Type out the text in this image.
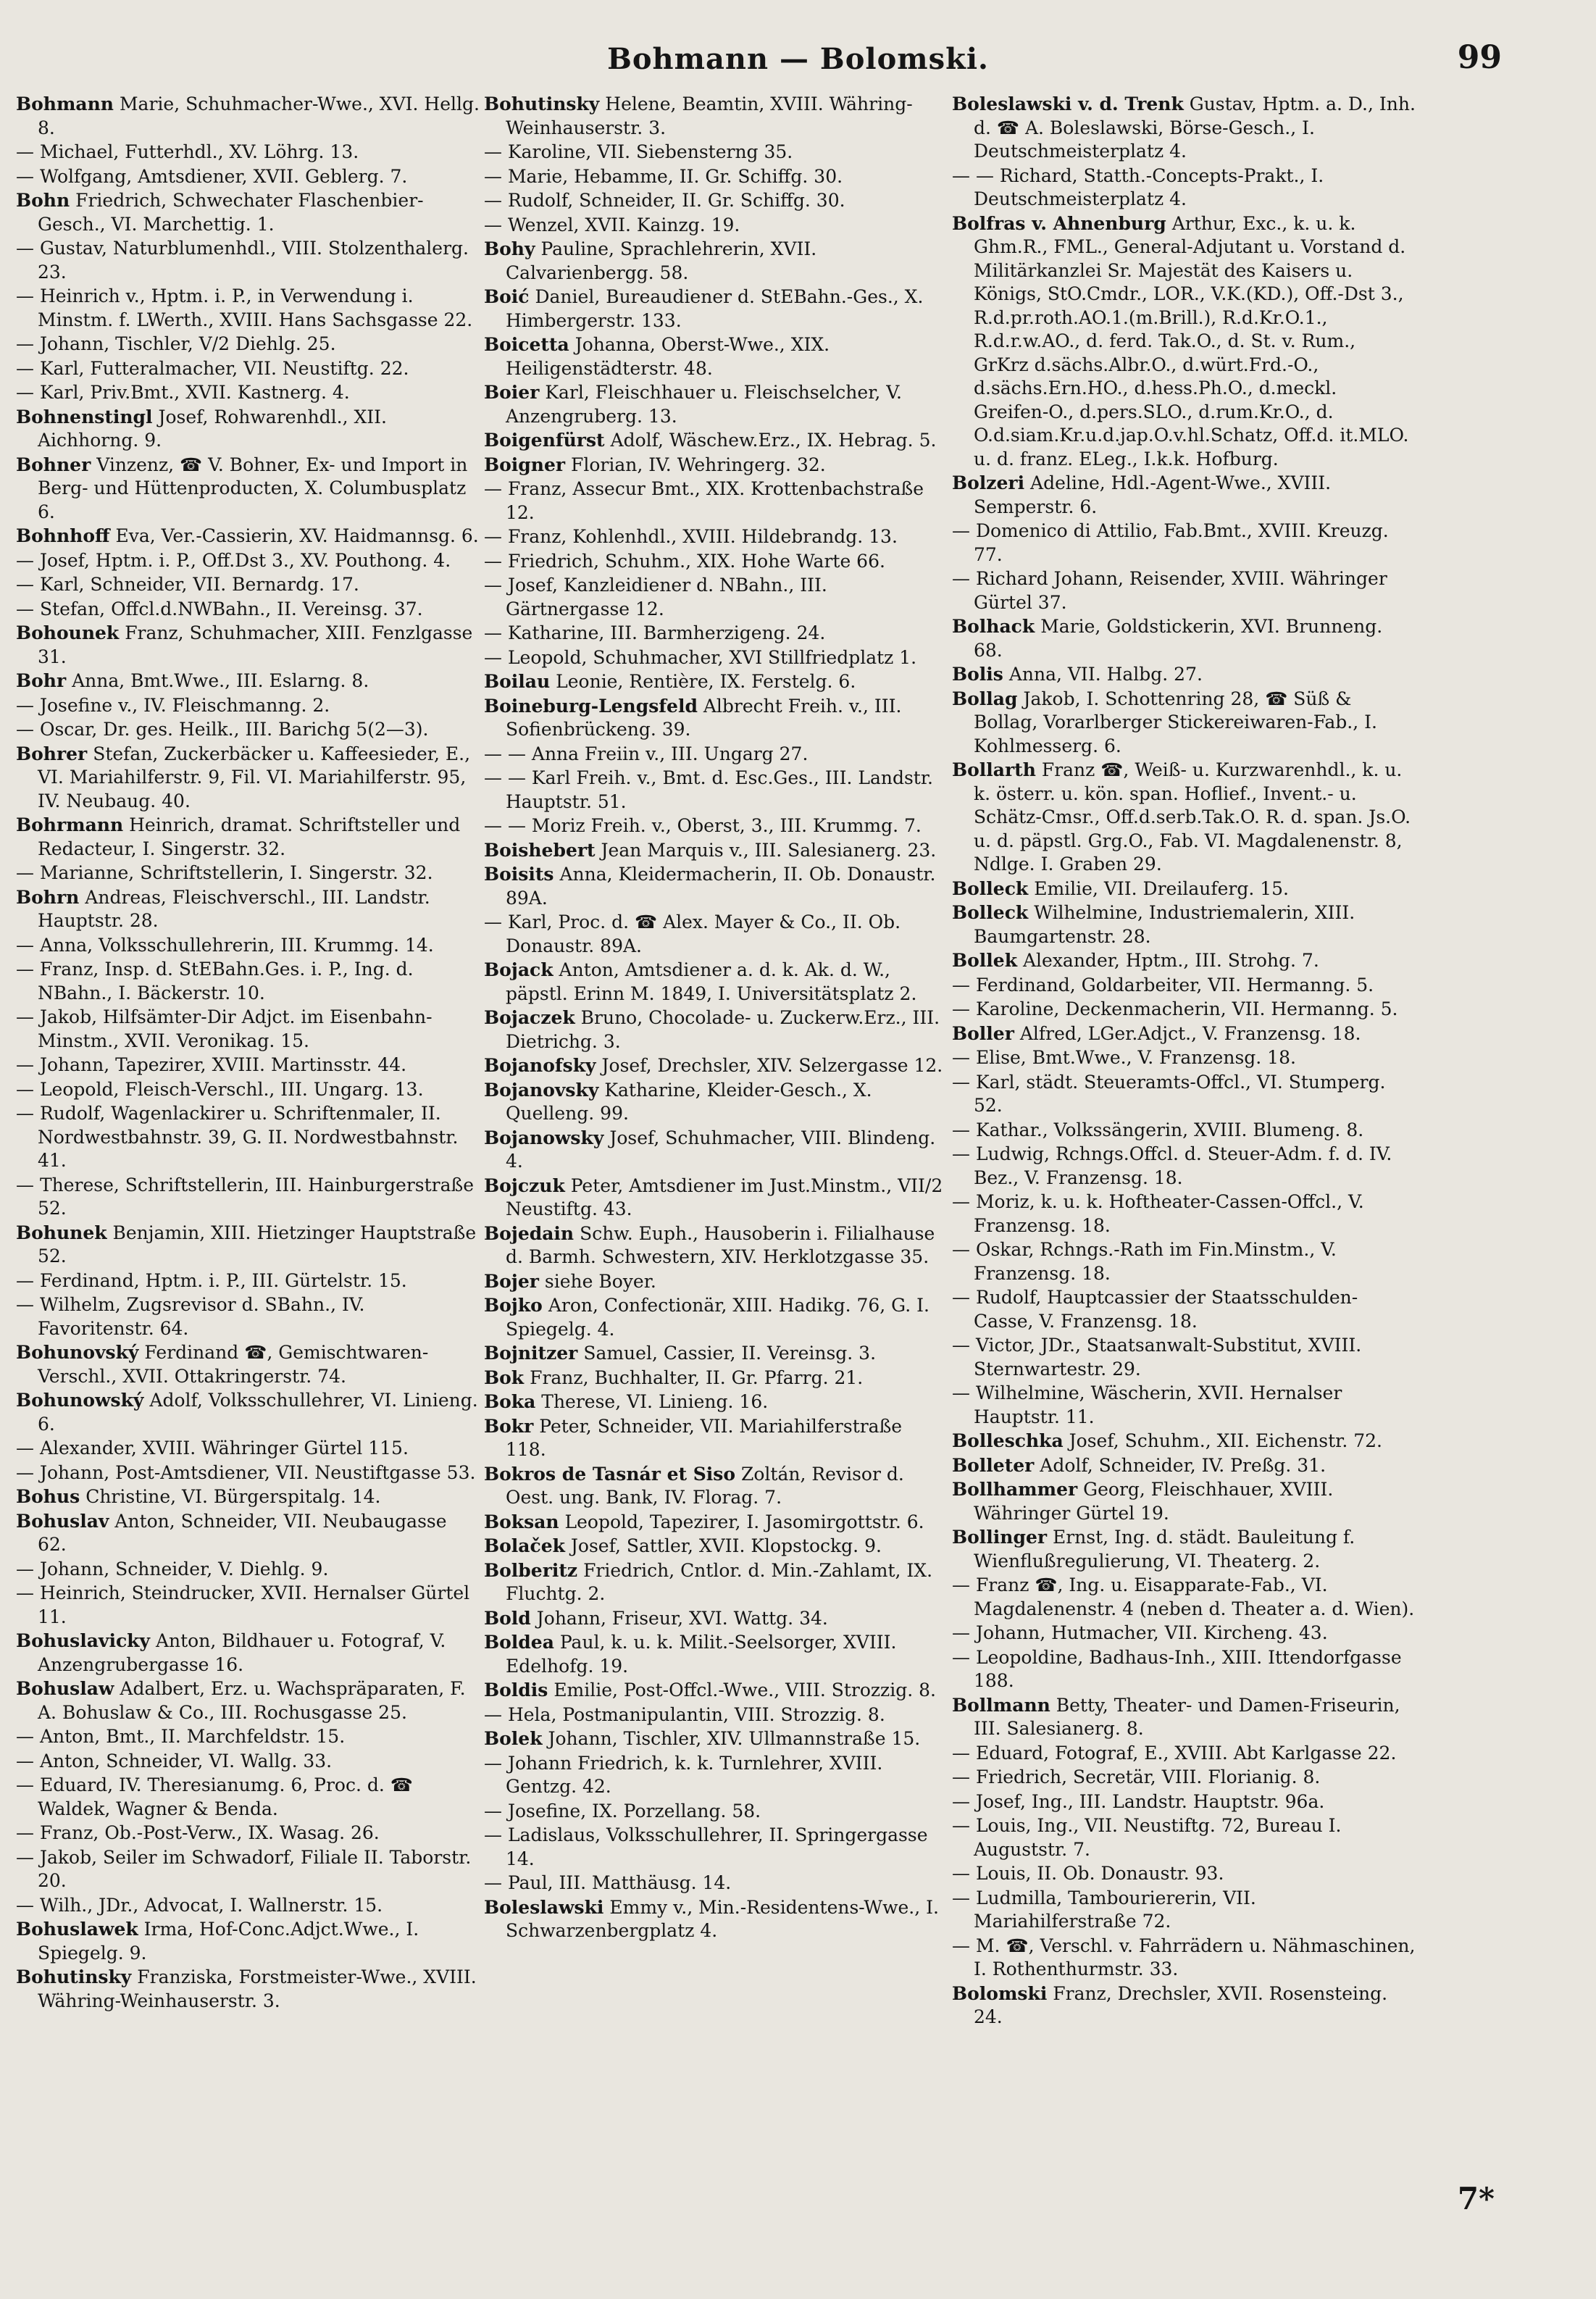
Bohmann — Bolomski.	99
Bohmann Marie, Schuhmacher-Wwe., XVI. Hellg. 8.
— Michael, Futterhdl., XV. Löhrg. 13.
— Wolfgang, Amtsdiener, XVII. Geblerg. 7.
Bohn Friedrich, Schwechater Flaschenbier-Gesch., VI. Marchettig. 1.
— Gustav, Naturblumenhdl., VIII. Stolzenthalerg. 23.
— Heinrich v., Hptm. i. P., in Verwendung i. Minstm. f. LWerth., XVIII. Hans Sachsgasse 22.
— Johann, Tischler, V/2 Diehlg. 25.
— Karl, Futteralmacher, VII. Neustiftg. 22.
— Karl, Priv.Bmt., XVII. Kastnerg. 4.
Bohnenstingl Josef, Rohwarenhdl., XII. Aichhorng. 9.
Bohner Vinzenz, ☎ V. Bohner, Ex- und Import in Berg- und Hüttenproducten, X. Columbusplatz 6.
Bohnhoff Eva, Ver.-Cassierin, XV. Haidmannsg. 6.
— Josef, Hptm. i. P., Off.Dst 3., XV. Pouthong. 4.
— Karl, Schneider, VII. Bernardg. 17.
— Stefan, Offcl.d.NWBahn., II. Vereinsg. 37.
Bohounek Franz, Schuhmacher, XIII. Fenzlgasse 31.
Bohr Anna, Bmt.Wwe., III. Eslarng. 8.
— Josefine v., IV. Fleischmanng. 2.
— Oscar, Dr. ges. Heilk., III. Barichg 5(2—3).
Bohrer Stefan, Zuckerbäcker u. Kaffeesieder, E., VI. Mariahilferstr. 9, Fil. VI. Mariahilferstr. 95, IV. Neubaug. 40.
Bohrmann Heinrich, dramat. Schriftsteller und Redacteur, I. Singerstr. 32.
— Marianne, Schriftstellerin, I. Singerstr. 32.
Bohrn Andreas, Fleischverschl., III. Landstr. Hauptstr. 28.
— Anna, Volksschullehrerin, III. Krummg. 14.
— Franz, Insp. d. StEBahn.Ges. i. P., Ing. d. NBahn., I. Bäckerstr. 10.
— Jakob, Hilfsämter-Dir Adjct. im Eisenbahn-Minstm., XVII. Veronikag. 15.
— Johann, Tapezirer, XVIII. Martinsstr. 44.
— Leopold, Fleisch-Verschl., III. Ungarg. 13.
— Rudolf, Wagenlackirer u. Schriftenmaler, II. Nordwestbahnstr. 39, G. II. Nordwestbahnstr. 41.
— Therese, Schriftstellerin, III. Hainburgerstraße 52.
Bohunek Benjamin, XIII. Hietzinger Hauptstraße 52.
— Ferdinand, Hptm. i. P., III. Gürtelstr. 15.
— Wilhelm, Zugsrevisor d. SBahn., IV. Favoritenstr. 64.
Bohunovský Ferdinand ☎, Gemischtwaren-Verschl., XVII. Ottakringerstr. 74.
Bohunowský Adolf, Volksschullehrer, VI. Linieng. 6.
— Alexander, XVIII. Währinger Gürtel 115.
— Johann, Post-Amtsdiener, VII. Neustiftgasse 53.
Bohus Christine, VI. Bürgerspitalg. 14.
Bohuslav Anton, Schneider, VII. Neubaugasse 62.
— Johann, Schneider, V. Diehlg. 9.
— Heinrich, Steindrucker, XVII. Hernalser Gürtel 11.
Bohuslavicky Anton, Bildhauer u. Fotograf, V. Anzengrubergasse 16.
Bohuslaw Adalbert, Erz. u. Wachspräparaten, F. A. Bohuslaw & Co., III. Rochusgasse 25.
— Anton, Bmt., II. Marchfeldstr. 15.
— Anton, Schneider, VI. Wallg. 33.
— Eduard, IV. Theresianumg. 6, Proc. d. ☎ Waldek, Wagner & Benda.
— Franz, Ob.-Post-Verw., IX. Wasag. 26.
— Jakob, Seiler im Schwadorf, Filiale II. Taborstr. 20.
— Wilh., JDr., Advocat, I. Wallnerstr. 15.
Bohuslawek Irma, Hof-Conc.Adjct.Wwe., I. Spiegelg. 9.
Bohutinsky Franziska, Forstmeister-Wwe., XVIII. Währing-Weinhauserstr. 3.
Bohutinsky Helene, Beamtin, XVIII. Währing-Weinhauserstr. 3.
— Karoline, VII. Siebensterng 35.
— Marie, Hebamme, II. Gr. Schiffg. 30.
— Rudolf, Schneider, II. Gr. Schiffg. 30.
— Wenzel, XVII. Kainzg. 19.
Bohy Pauline, Sprachlehrerin, XVII. Calvarienbergg. 58.
Boić Daniel, Bureaudiener d. StEBahn.-Ges., X. Himbergerstr. 133.
Boicetta Johanna, Oberst-Wwe., XIX. Heiligenstädterstr. 48.
Boier Karl, Fleischhauer u. Fleischselcher, V. Anzengruberg. 13.
Boigenfürst Adolf, Wäschew.Erz., IX. Hebrag. 5.
Boigner Florian, IV. Wehringerg. 32.
— Franz, Assecur Bmt., XIX. Krottenbachstraße 12.
— Franz, Kohlenhdl., XVIII. Hildebrandg. 13.
— Friedrich, Schuhm., XIX. Hohe Warte 66.
— Josef, Kanzleidiener d. NBahn., III. Gärtnergasse 12.
— Katharine, III. Barmherzigeng. 24.
— Leopold, Schuhmacher, XVI Stillfriedplatz 1.
Boilau Leonie, Rentière, IX. Ferstelg. 6.
Boineburg-Lengsfeld Albrecht Freih. v., III. Sofienbrückeng. 39.
— — Anna Freiin v., III. Ungarg 27.
— — Karl Freih. v., Bmt. d. Esc.Ges., III. Landstr. Hauptstr. 51.
— — Moriz Freih. v., Oberst, 3., III. Krummg. 7.
Boishebert Jean Marquis v., III. Salesianerg. 23.
Boisits Anna, Kleidermacherin, II. Ob. Donaustr. 89A.
— Karl, Proc. d. ☎ Alex. Mayer & Co., II. Ob. Donaustr. 89A.
Bojack Anton, Amtsdiener a. d. k. Ak. d. W., päpstl. Erinn M. 1849, I. Universitätsplatz 2.
Bojaczek Bruno, Chocolade- u. Zuckerw.Erz., III. Dietrichg. 3.
Bojanofsky Josef, Drechsler, XIV. Selzergasse 12.
Bojanovsky Katharine, Kleider-Gesch., X. Quelleng. 99.
Bojanowsky Josef, Schuhmacher, VIII. Blindeng. 4.
Bojczuk Peter, Amtsdiener im Just.Minstm., VII/2 Neustiftg. 43.
Bojedain Schw. Euph., Hausoberin i. Filialhause d. Barmh. Schwestern, XIV. Herklotzgasse 35.
Bojer siehe Boyer.
Bojko Aron, Confectionär, XIII. Hadikg. 76, G. I. Spiegelg. 4.
Bojnitzer Samuel, Cassier, II. Vereinsg. 3.
Bok Franz, Buchhalter, II. Gr. Pfarrg. 21.
Boka Therese, VI. Linieng. 16.
Bokr Peter, Schneider, VII. Mariahilferstraße 118.
Bokros de Tasnár et Siso Zoltán, Revisor d. Oest. ung. Bank, IV. Florag. 7.
Boksan Leopold, Tapezirer, I. Jasomirgottstr. 6.
Bolaček Josef, Sattler, XVII. Klopstockg. 9.
Bolberitz Friedrich, Cntlor. d. Min.-Zahlamt, IX. Fluchtg. 2.
Bold Johann, Friseur, XVI. Wattg. 34.
Boldea Paul, k. u. k. Milit.-Seelsorger, XVIII. Edelhofg. 19.
Boldis Emilie, Post-Offcl.-Wwe., VIII. Strozzig. 8.
— Hela, Postmanipulantin, VIII. Strozzig. 8.
Bolek Johann, Tischler, XIV. Ullmannstraße 15.
— Johann Friedrich, k. k. Turnlehrer, XVIII. Gentzg. 42.
— Josefine, IX. Porzellang. 58.
— Ladislaus, Volksschullehrer, II. Springergasse 14.
— Paul, III. Matthäusg. 14.
Boleslawski Emmy v., Min.-Residentens-Wwe., I. Schwarzenbergplatz 4.
Boleslawski v. d. Trenk Gustav, Hptm. a. D., Inh. d. ☎ A. Boleslawski, Börse-Gesch., I. Deutschmeisterplatz 4.
— — Richard, Statth.-Concepts-Prakt., I. Deutschmeisterplatz 4.
Bolfras v. Ahnenburg Arthur, Exc., k. u. k. Ghm.R., FML., General-Adjutant u. Vorstand d. Militärkanzlei Sr. Majestät des Kaisers u. Königs, StO.Cmdr., LOR., V.K.(KD.), Off.-Dst 3., R.d.pr.roth.AO.1.(m.Brill.), R.d.Kr.O.1., R.d.r.w.AO., d. ferd. Tak.O., d. St. v. Rum., GrKrz d.sächs.Albr.O., d.würt.Frd.-O., d.sächs.Ern.HO., d.hess.Ph.O., d.meckl. Greifen-O., d.pers.SLO., d.rum.Kr.O., d. O.d.siam.Kr.u.d.jap.O.v.hl.Schatz, Off.d. it.MLO. u. d. franz. ELeg., I.k.k. Hofburg.
Bolzeri Adeline, Hdl.-Agent-Wwe., XVIII. Semperstr. 6.
— Domenico di Attilio, Fab.Bmt., XVIII. Kreuzg. 77.
— Richard Johann, Reisender, XVIII. Währinger Gürtel 37.
Bolhack Marie, Goldstickerin, XVI. Brunneng. 68.
Bolis Anna, VII. Halbg. 27.
Bollag Jakob, I. Schottenring 28, ☎ Süß & Bollag, Vorarlberger Stickereiwaren-Fab., I. Kohlmesserg. 6.
Bollarth Franz ☎, Weiß- u. Kurzwarenhdl., k. u. k. österr. u. kön. span. Hoflief., Invent.- u. Schätz-Cmsr., Off.d.serb.Tak.O. R. d. span. Js.O. u. d. päpstl. Grg.O., Fab. VI. Magdalenenstr. 8, Ndlge. I. Graben 29.
Bolleck Emilie, VII. Dreilauferg. 15.
Bolleck Wilhelmine, Industriemalerin, XIII. Baumgartenstr. 28.
Bollek Alexander, Hptm., III. Strohg. 7.
— Ferdinand, Goldarbeiter, VII. Hermanng. 5.
— Karoline, Deckenmacherin, VII. Hermanng. 5.
Boller Alfred, LGer.Adjct., V. Franzensg. 18.
— Elise, Bmt.Wwe., V. Franzensg. 18.
— Karl, städt. Steueramts-Offcl., VI. Stumperg. 52.
— Kathar., Volkssängerin, XVIII. Blumeng. 8.
— Ludwig, Rchngs.Offcl. d. Steuer-Adm. f. d. IV. Bez., V. Franzensg. 18.
— Moriz, k. u. k. Hoftheater-Cassen-Offcl., V. Franzensg. 18.
— Oskar, Rchngs.-Rath im Fin.Minstm., V. Franzensg. 18.
— Rudolf, Hauptcassier der Staatsschulden-Casse, V. Franzensg. 18.
— Victor, JDr., Staatsanwalt-Substitut, XVIII. Sternwartestr. 29.
— Wilhelmine, Wäscherin, XVII. Hernalser Hauptstr. 11.
Bolleschka Josef, Schuhm., XII. Eichenstr. 72.
Bolleter Adolf, Schneider, IV. Preßg. 31.
Bollhammer Georg, Fleischhauer, XVIII. Währinger Gürtel 19.
Bollinger Ernst, Ing. d. städt. Bauleitung f. Wienflußregulierung, VI. Theaterg. 2.
— Franz ☎, Ing. u. Eisapparate-Fab., VI. Magdalenenstr. 4 (neben d. Theater a. d. Wien).
— Johann, Hutmacher, VII. Kircheng. 43.
— Leopoldine, Badhaus-Inh., XIII. Ittendorfgasse 188.
Bollmann Betty, Theater- und Damen-Friseurin, III. Salesianerg. 8.
— Eduard, Fotograf, E., XVIII. Abt Karlgasse 22.
— Friedrich, Secretär, VIII. Florianig. 8.
— Josef, Ing., III. Landstr. Hauptstr. 96a.
— Louis, Ing., VII. Neustiftg. 72, Bureau I. Auguststr. 7.
— Louis, II. Ob. Donaustr. 93.
— Ludmilla, Tambouriererin, VII. Mariahilferstraße 72.
— M. ☎, Verschl. v. Fahrrädern u. Nähmaschinen, I. Rothenthurmstr. 33.
Bolomski Franz, Drechsler, XVII. Rosensteing. 24.
7*
